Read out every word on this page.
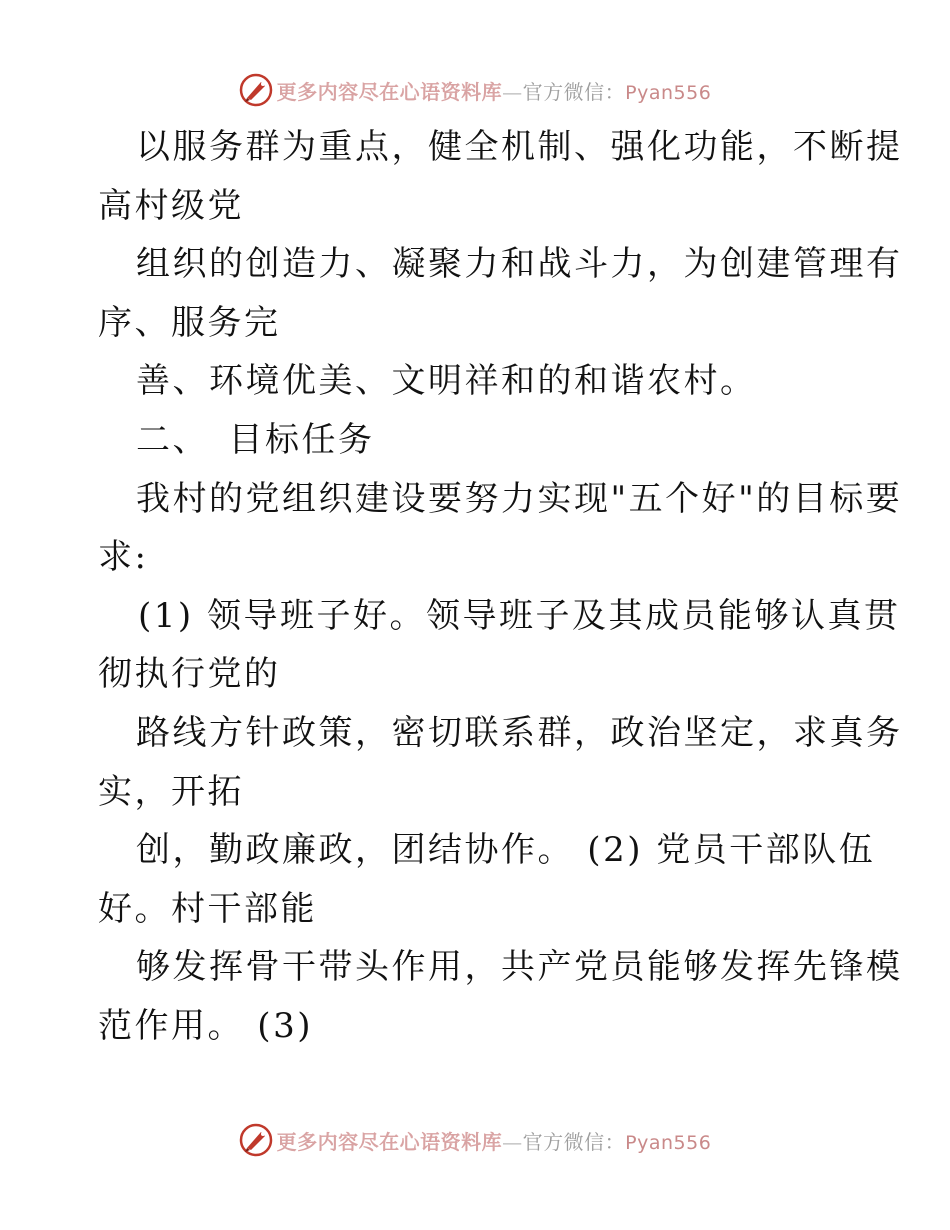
更多内容尽在心语资料库—官方微信：Pyan556
以服务群为重点，健全机制、强化功能，不断提
高村级党
组织的创造力、凝聚力和战斗力，为创建管理有
序、服务完
善、环境优美、文明祥和的和谐农村。
二、　目标任务
我村的党组织建设要努力实现"五个好"的目标要
求:
(1) 领导班子好。领导班子及其成员能够认真贯
彻执行党的
路线方针政策，密切联系群，政治坚定，求真务
实，开拓
创，勤政廉政，团结协作。 (2) 党员干部队伍
好。村干部能
够发挥骨干带头作用，共产党员能够发挥先锋模
范作用。 (3)
更多内容尽在心语资料库—官方微信：Pyan556
